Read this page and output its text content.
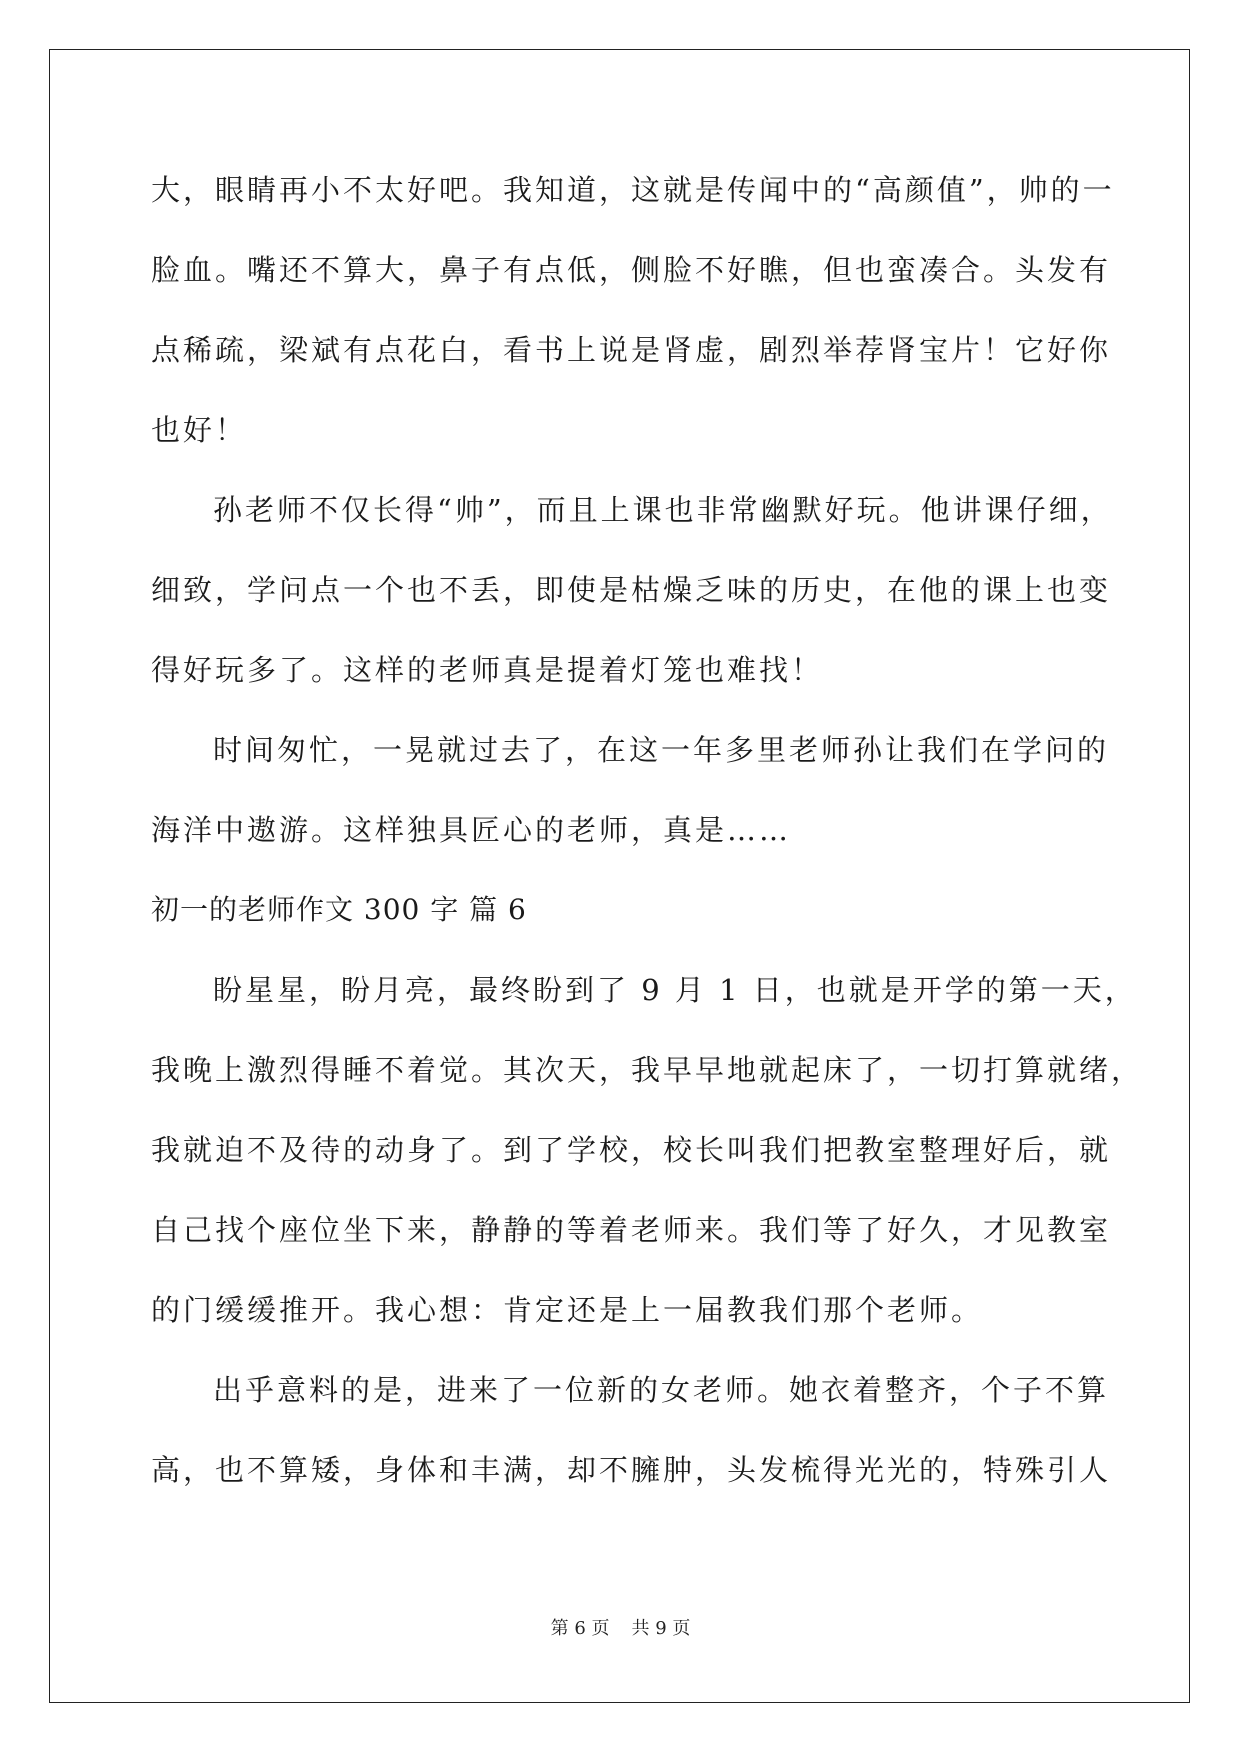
大，眼睛再小不太好吧。我知道，这就是传闻中的“高颜值”，帅的一
脸血。嘴还不算大，鼻子有点低，侧脸不好瞧，但也蛮凑合。头发有
点稀疏，梁斌有点花白，看书上说是肾虚，剧烈举荐肾宝片！它好你
也好！
孙老师不仅长得“帅”，而且上课也非常幽默好玩。他讲课仔细，
细致，学问点一个也不丢，即使是枯燥乏味的历史，在他的课上也变
得好玩多了。这样的老师真是提着灯笼也难找！
时间匆忙，一晃就过去了，在这一年多里老师孙让我们在学问的
海洋中遨游。这样独具匠心的老师，真是……
初一的老师作文 300 字 篇 6
盼星星，盼月亮，最终盼到了 9 月 1 日，也就是开学的第一天，
我晚上激烈得睡不着觉。其次天，我早早地就起床了，一切打算就绪，
我就迫不及待的动身了。到了学校，校长叫我们把教室整理好后，就
自己找个座位坐下来，静静的等着老师来。我们等了好久，才见教室
的门缓缓推开。我心想：肯定还是上一届教我们那个老师。
出乎意料的是，进来了一位新的女老师。她衣着整齐，个子不算
高，也不算矮，身体和丰满，却不臃肿，头发梳得光光的，特殊引人
第 6 页 共 9 页
